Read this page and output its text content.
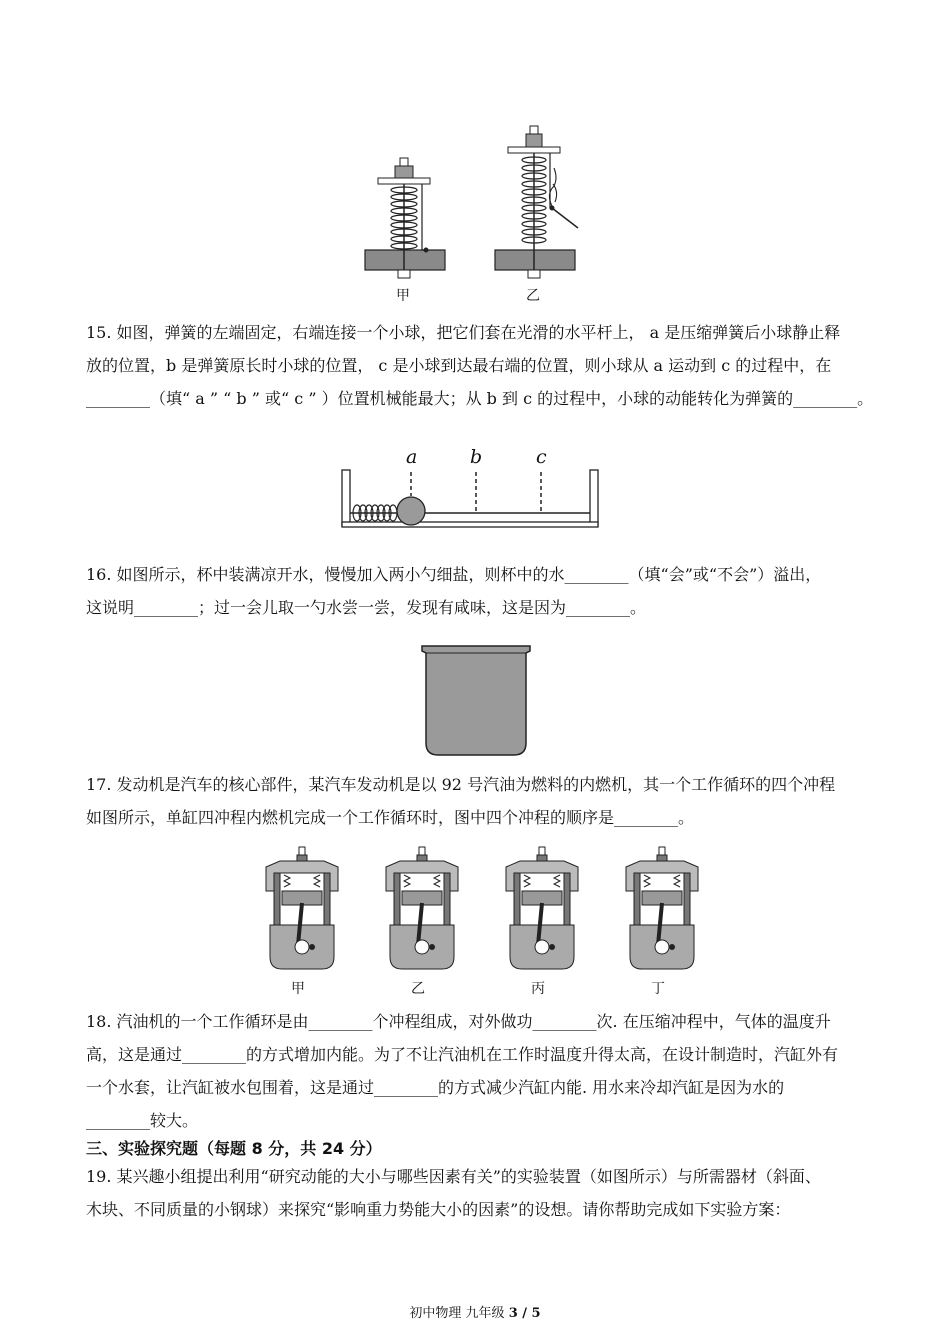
甲	乙
15. 如图，弹簧的左端固定，右端连接一个小球，把它们套在光滑的水平杆上， a 是压缩弹簧后小球静止释
放的位置，b 是弹簧原长时小球的位置， c 是小球到达最右端的位置，则小球从 a 运动到 c 的过程中，在
________（填“ a ” “ b ” 或“ c ” ）位置机械能最大；从 b 到 c 的过程中，小球的动能转化为弹簧的________。
a	b	c
16. 如图所示，杯中装满凉开水，慢慢加入两小勺细盐，则杯中的水________（填“会”或“不会”）溢出，
这说明________；过一会儿取一勺水尝一尝，发现有咸味，这是因为________。
17. 发动机是汽车的核心部件，某汽车发动机是以 92 号汽油为燃料的内燃机，其一个工作循环的四个冲程
如图所示，单缸四冲程内燃机完成一个工作循环时，图中四个冲程的顺序是________。
甲	乙	丙	丁
18. 汽油机的一个工作循环是由________个冲程组成，对外做功________次. 在压缩冲程中，气体的温度升
高，这是通过________的方式增加内能。为了不让汽油机在工作时温度升得太高，在设计制造时，汽缸外有
一个水套，让汽缸被水包围着，这是通过________的方式减少汽缸内能. 用水来冷却汽缸是因为水的
________较大。
三、实验探究题（每题 8 分，共 24 分）
19. 某兴趣小组提出利用“研究动能的大小与哪些因素有关”的实验装置（如图所示）与所需器材（斜面、
木块、不同质量的小钢球）来探究“影响重力势能大小的因素”的设想。请你帮助完成如下实验方案：
初中物理 九年级 3 / 5
